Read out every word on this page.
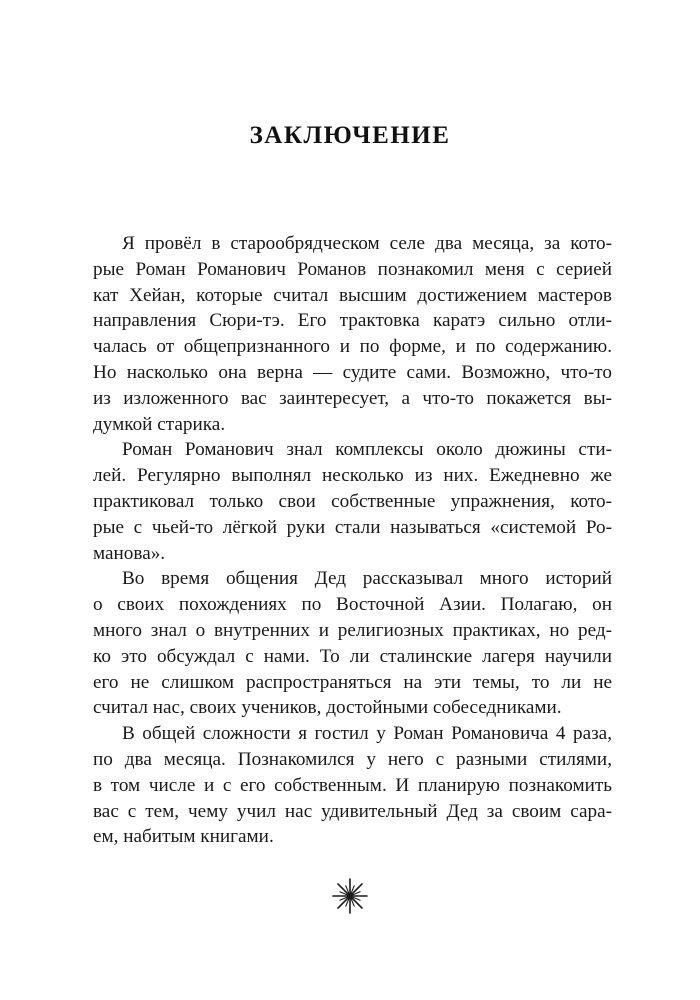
ЗАКЛЮЧЕНИЕ
Я провёл в старообрядческом селе два месяца, за кото-
рые Роман Романович Романов познакомил меня с серией
кат Хейан, которые считал высшим достижением мастеров
направления Сюри-тэ. Его трактовка каратэ сильно отли-
чалась от общепризнанного и по форме, и по содержанию.
Но насколько она верна — судите сами. Возможно, что-то
из изложенного вас заинтересует, а что-то покажется вы-
думкой старика.
Роман Романович знал комплексы около дюжины сти-
лей. Регулярно выполнял несколько из них. Ежедневно же
практиковал только свои собственные упражнения, кото-
рые с чьей-то лёгкой руки стали называться «системой Ро-
манова».
Во время общения Дед рассказывал много историй
о своих похождениях по Восточной Азии. Полагаю, он
много знал о внутренних и религиозных практиках, но ред-
ко это обсуждал с нами. То ли сталинские лагеря научили
его не слишком распространяться на эти темы, то ли не
считал нас, своих учеников, достойными собеседниками.
В общей сложности я гостил у Роман Романовича 4 раза,
по два месяца. Познакомился у него с разными стилями,
в том числе и с его собственным. И планирую познакомить
вас с тем, чему учил нас удивительный Дед за своим сара-
ем, набитым книгами.
